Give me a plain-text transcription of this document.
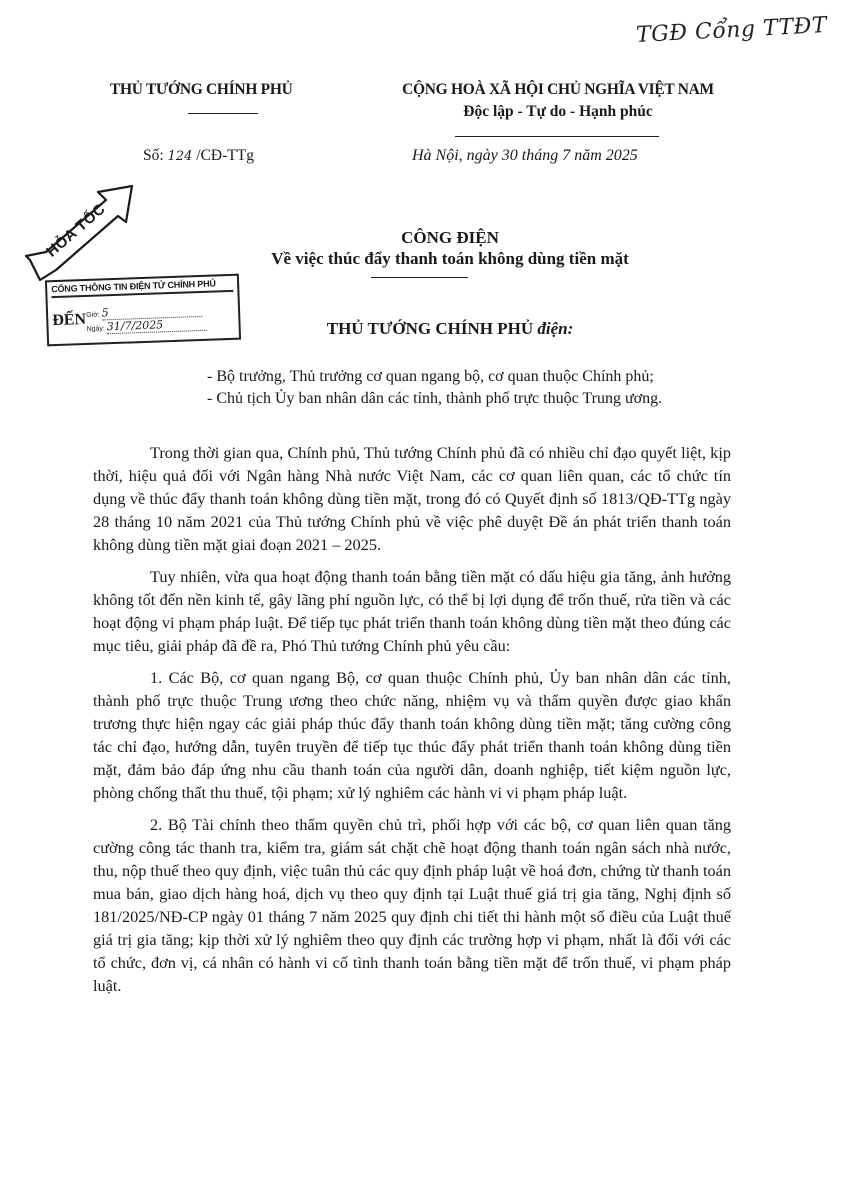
TGĐ Cổng TTĐT
THỦ TƯỚNG CHÍNH PHỦ	CỘNG HOÀ XÃ HỘI CHỦ NGHĨA VIỆT NAM
Độc lập - Tự do - Hạnh phúc
Số: 124 /CĐ-TTg	Hà Nội, ngày 30 tháng 7 năm 2025
HỎA TỐC
CỔNG THÔNG TIN ĐIỆN TỬ CHÍNH PHỦ
ĐẾN Giờ: 5
Ngày: 31/7/2025
CÔNG ĐIỆN
Về việc thúc đẩy thanh toán không dùng tiền mặt
THỦ TƯỚNG CHÍNH PHỦ điện:
- Bộ trưởng, Thủ trưởng cơ quan ngang bộ, cơ quan thuộc Chính phủ;
- Chủ tịch Ủy ban nhân dân các tỉnh, thành phố trực thuộc Trung ương.

Trong thời gian qua, Chính phủ, Thủ tướng Chính phủ đã có nhiều chỉ đạo quyết liệt, kịp thời, hiệu quả đối với Ngân hàng Nhà nước Việt Nam, các cơ quan liên quan, các tổ chức tín dụng về thúc đẩy thanh toán không dùng tiền mặt, trong đó có Quyết định số 1813/QĐ-TTg ngày 28 tháng 10 năm 2021 của Thủ tướng Chính phủ về việc phê duyệt Đề án phát triển thanh toán không dùng tiền mặt giai đoạn 2021 – 2025.

Tuy nhiên, vừa qua hoạt động thanh toán bằng tiền mặt có dấu hiệu gia tăng, ảnh hưởng không tốt đến nền kinh tế, gây lãng phí nguồn lực, có thể bị lợi dụng để trốn thuế, rửa tiền và các hoạt động vi phạm pháp luật. Để tiếp tục phát triển thanh toán không dùng tiền mặt theo đúng các mục tiêu, giải pháp đã đề ra, Phó Thủ tướng Chính phủ yêu cầu:

1. Các Bộ, cơ quan ngang Bộ, cơ quan thuộc Chính phủ, Ủy ban nhân dân các tỉnh, thành phố trực thuộc Trung ương theo chức năng, nhiệm vụ và thẩm quyền được giao khẩn trương thực hiện ngay các giải pháp thúc đẩy thanh toán không dùng tiền mặt; tăng cường công tác chỉ đạo, hướng dẫn, tuyên truyền để tiếp tục thúc đẩy phát triển thanh toán không dùng tiền mặt, đảm bảo đáp ứng nhu cầu thanh toán của người dân, doanh nghiệp, tiết kiệm nguồn lực, phòng chống thất thu thuế, tội phạm; xử lý nghiêm các hành vi vi phạm pháp luật.

2. Bộ Tài chính theo thẩm quyền chủ trì, phối hợp với các bộ, cơ quan liên quan tăng cường công tác thanh tra, kiểm tra, giám sát chặt chẽ hoạt động thanh toán ngân sách nhà nước, thu, nộp thuế theo quy định, việc tuân thủ các quy định pháp luật về hoá đơn, chứng từ thanh toán mua bán, giao dịch hàng hoá, dịch vụ theo quy định tại Luật thuế giá trị gia tăng, Nghị định số 181/2025/NĐ-CP ngày 01 tháng 7 năm 2025 quy định chi tiết thi hành một số điều của Luật thuế giá trị gia tăng; kịp thời xử lý nghiêm theo quy định các trường hợp vi phạm, nhất là đối với các tổ chức, đơn vị, cá nhân có hành vi cố tình thanh toán bằng tiền mặt để trốn thuế, vi phạm pháp luật.
